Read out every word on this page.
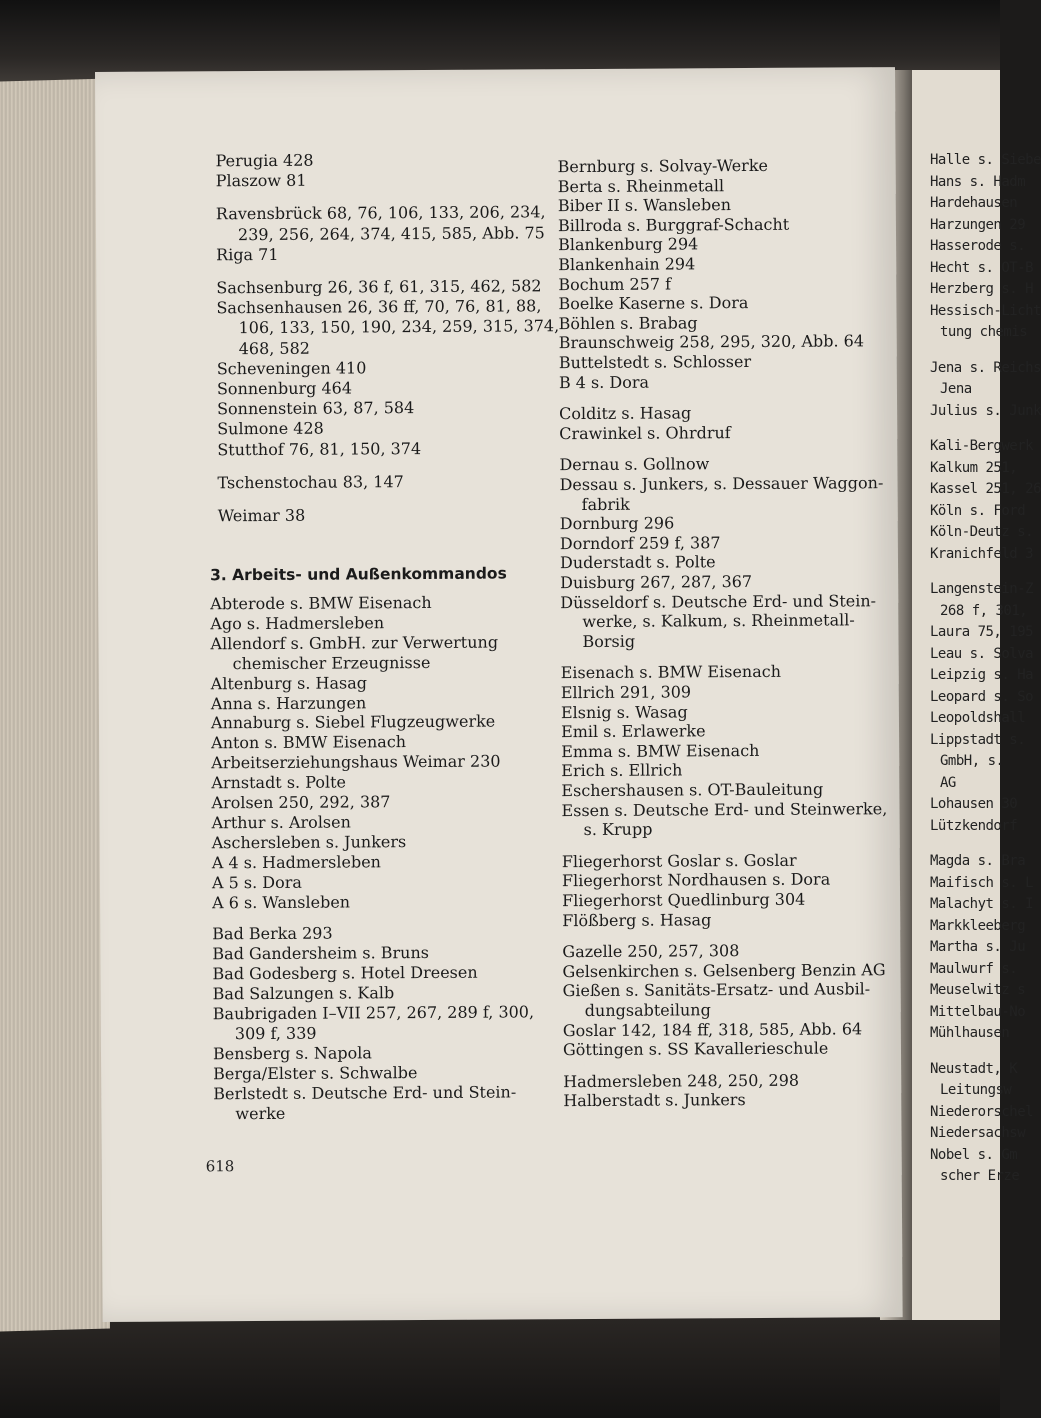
Halle s. Siebe
Hans s. Hadm
Hardehausen
Harzungen 29
Hasserode s.
Hecht s. OT-B
Herzberg s. H
Hessisch-Licht
tung chemis
Jena s. Reichs
Jena
Julius s. Junk
Kali-Bergwerk
Kalkum 251,
Kassel 251, 26
Köln s. Ford
Köln-Deutz s.
Kranichfeld 3
Langenstein-Z
268 f, 301,
Laura 75, 195
Leau s. Solva
Leipzig s. Ha
Leopard s. So
Leopoldshall
Lippstadt s.
GmbH, s.
AG
Lohausen 30
Lützkendorf
Magda s. Bra
Maifisch s. L
Malachyt s. I
Markkleeberg
Martha s. Ju
Maulwurf s.
Meuselwitz s
Mittelbau-No
Mühlhausen
Neustadt, K
Leitungsw
Niederorschel
Niedersachsw
Nobel s. Gm
scher Erze
Perugia 428
Plaszow 81
Ravensbrück 68, 76, 106, 133, 206, 234,
239, 256, 264, 374, 415, 585, Abb. 75
Riga 71
Sachsenburg 26, 36 f, 61, 315, 462, 582
Sachsenhausen 26, 36 ff, 70, 76, 81, 88,
106, 133, 150, 190, 234, 259, 315, 374,
468, 582
Scheveningen 410
Sonnenburg 464
Sonnenstein 63, 87, 584
Sulmone 428
Stutthof 76, 81, 150, 374
Tschenstochau 83, 147
Weimar 38
3. Arbeits- und Außenkommandos
Abterode s. BMW Eisenach
Ago s. Hadmersleben
Allendorf s. GmbH. zur Verwertung
chemischer Erzeugnisse
Altenburg s. Hasag
Anna s. Harzungen
Annaburg s. Siebel Flugzeugwerke
Anton s. BMW Eisenach
Arbeitserziehungshaus Weimar 230
Arnstadt s. Polte
Arolsen 250, 292, 387
Arthur s. Arolsen
Aschersleben s. Junkers
A 4 s. Hadmersleben
A 5 s. Dora
A 6 s. Wansleben
Bad Berka 293
Bad Gandersheim s. Bruns
Bad Godesberg s. Hotel Dreesen
Bad Salzungen s. Kalb
Baubrigaden I–VII 257, 267, 289 f, 300,
309 f, 339
Bensberg s. Napola
Berga/Elster s. Schwalbe
Berlstedt s. Deutsche Erd- und Stein-
werke
Bernburg s. Solvay-Werke
Berta s. Rheinmetall
Biber II s. Wansleben
Billroda s. Burggraf-Schacht
Blankenburg 294
Blankenhain 294
Bochum 257 f
Boelke Kaserne s. Dora
Böhlen s. Brabag
Braunschweig 258, 295, 320, Abb. 64
Buttelstedt s. Schlosser
B 4 s. Dora
Colditz s. Hasag
Crawinkel s. Ohrdruf
Dernau s. Gollnow
Dessau s. Junkers, s. Dessauer Waggon-
fabrik
Dornburg 296
Dorndorf 259 f, 387
Duderstadt s. Polte
Duisburg 267, 287, 367
Düsseldorf s. Deutsche Erd- und Stein-
werke, s. Kalkum, s. Rheinmetall-
Borsig
Eisenach s. BMW Eisenach
Ellrich 291, 309
Elsnig s. Wasag
Emil s. Erlawerke
Emma s. BMW Eisenach
Erich s. Ellrich
Eschershausen s. OT-Bauleitung
Essen s. Deutsche Erd- und Steinwerke,
s. Krupp
Fliegerhorst Goslar s. Goslar
Fliegerhorst Nordhausen s. Dora
Fliegerhorst Quedlinburg 304
Flößberg s. Hasag
Gazelle 250, 257, 308
Gelsenkirchen s. Gelsenberg Benzin AG
Gießen s. Sanitäts-Ersatz- und Ausbil-
dungsabteilung
Goslar 142, 184 ff, 318, 585, Abb. 64
Göttingen s. SS Kavallerieschule
Hadmersleben 248, 250, 298
Halberstadt s. Junkers
618
